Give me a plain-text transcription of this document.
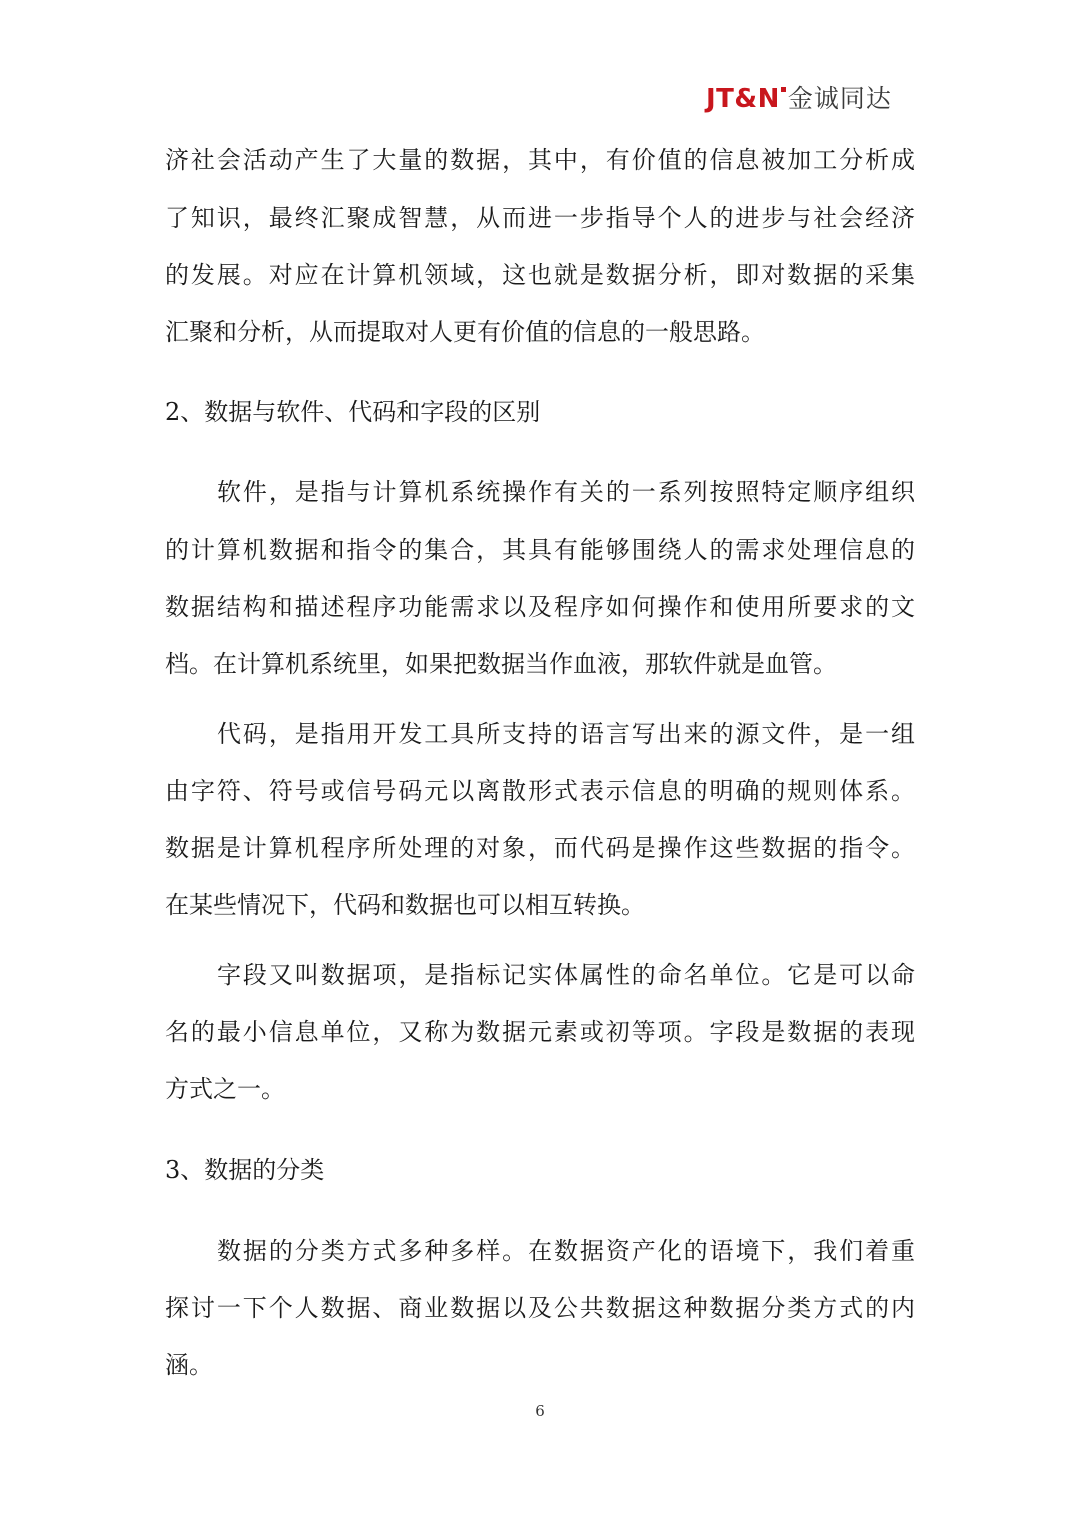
JT&N 金诚同达
济社会活动产生了大量的数据，其中，有价值的信息被加工分析成
了知识，最终汇聚成智慧，从而进一步指导个人的进步与社会经济
的发展。对应在计算机领域，这也就是数据分析，即对数据的采集
汇聚和分析，从而提取对人更有价值的信息的一般思路。
2、数据与软件、代码和字段的区别
软件，是指与计算机系统操作有关的一系列按照特定顺序组织
的计算机数据和指令的集合，其具有能够围绕人的需求处理信息的
数据结构和描述程序功能需求以及程序如何操作和使用所要求的文
档。在计算机系统里，如果把数据当作血液，那软件就是血管。
代码，是指用开发工具所支持的语言写出来的源文件，是一组
由字符、符号或信号码元以离散形式表示信息的明确的规则体系。
数据是计算机程序所处理的对象，而代码是操作这些数据的指令。
在某些情况下，代码和数据也可以相互转换。
字段又叫数据项，是指标记实体属性的命名单位。它是可以命
名的最小信息单位，又称为数据元素或初等项。字段是数据的表现
方式之一。
3、数据的分类
数据的分类方式多种多样。在数据资产化的语境下，我们着重
探讨一下个人数据、商业数据以及公共数据这种数据分类方式的内
涵。
6
